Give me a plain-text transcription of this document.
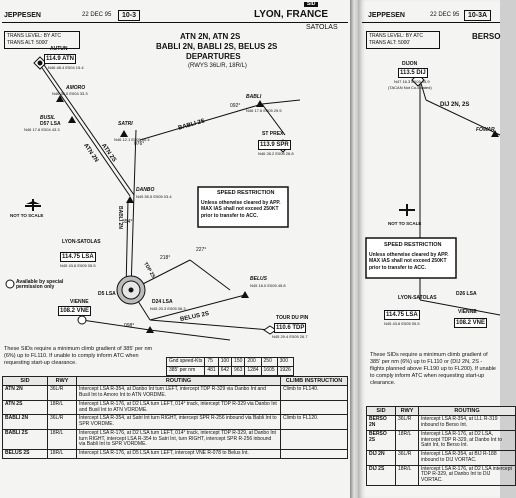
JEPPESEN	22 DEC 95	10-3	LYON, FRANCE
SID
SATOLAS
TRANS LEVEL: BY ATC
TRANS ALT: 5000'
ATN 2N, ATN 2S
BABLI 2N, BABLI 2S, BELUS 2S
DEPARTURES
(RWYS 36L/R, 18R/L)
AUTUN
114.9 ATN
N46 48.4 E004 15.4
AMORO
N46 30.0 E004 33.3
BUSIL
D57 LSA
N46 17.6 E004 43.3
SATRI
N46 12.1 E005 00.4
BABLI
N46 17.6 E005 29.5
ST PREX
113.9 SPR
N46 28.2 E006 26.8
DANBO
N45 55.5 E005 03.4
LYON-SATOLAS
114.75 LSA
N45 43.6 E005 05.5
VIENNE
108.2 VNE
D5 LSA
D24 LSA
N45 20.3 E005 06.3
BELUS
N45 18.0 E005 45.8
TOUR DU PIN
110.6 TDP
N45 29.4 E005 26.7
ATN 2N ATN 2S
BABLI 2S
BELUS 2S
BABLI 2N
TDP 2S
354°
076°
092°
098°
218°
227°
NOT TO SCALE
Available by special permission only
SPEED RESTRICTION
Unless otherwise cleared by APP. MAX IAS shall not exceed 250KT prior to transfer to ACC.
These SIDs require a minimum climb gradient of 385' per nm (6%) up to FL110. If unable to comply inform ATC when requesting start-up clearance.	Gnd speed-Kts	75	100	150	200	250	300
385' per nm	481	642	963	1284	1605	1926
SID	RWY	ROUTING	CLIMB INSTRUCTION
ATN 2N	36L/R	Intercept LSA R-354, at Danbo Int turn LEFT, intercept TDP R-329 via Danbo Int and Busil Int to Amoro Int to ATN VORDME.	Climb to FL140.
ATN 2S	18R/L	Intercept LSA R-176, at D2 LSA turn LEFT, 014° track, intercept TDP R-329 via Danbo Int and Busil Int to ATN VORDME.	
BABLI 2N	36L/R	Intercept LSA R-354, at Satri Int turn RIGHT, intercept SPR R-256 inbound via Babli Int to SPR VORDME.	Climb to FL120.
BABLI 2S	18R/L	Intercept LSA R-176, at D2 LSA turn LEFT, 014° track, intercept TDP R-329, at Danbo Int turn RIGHT, intercept LSA R-354 to Satri Int, turn RIGHT, intercept SPR R-256 inbound via Babli Int to SPR VORDME.	
BELUS 2S	18R/L	Intercept LSA R-176, at D5 LSA turn LEFT, intercept VNE R-078 to Belus Int.	
JEPPESEN	22 DEC 95	10-3A
TRANS LEVEL: BY ATC
TRANS ALT: 5000'
BERSO
DIJON
113.5 DIJ
N47 16.3 E005 05.9
(TACAN Not Co-located)
DIJ 2N, 2S
FOWAR
NOT TO SCALE
SPEED RESTRICTION
Unless otherwise cleared by APP. MAX IAS shall not exceed 250KT prior to transfer to ACC.
LYON-SATOLAS
114.75 LSA
N45 43.6 E005 05.5
D26 LSA
VIENNE
108.2 VNE
These SIDs require a minimum climb gradient of 385' per nm (6%) up to FL110 or (DIJ 2N, 2S - flights planned above FL190 up to FL200). If unable to comply inform ATC when requesting start-up clearance.
SID	RWY	ROUTING
BERSO 2N	36L/R	Intercept LSA R-354, at LLL R-319 inbound to Berso Int.
BERSO 2S	18R/L	Intercept LSA R-176, at D2 LSA, intercept TDP R-329, at Danbo Int to Satri Int, to Berso Int.
DIJ 2N	36L/R	Intercept LSA R-354, at BIJ R-188 inbound to DIJ VORTAC.
DIJ 2S	18R/L	Intercept LSA R-176, at D2 LSA intercept TDP R-329, at Danbo Int to DIJ VORTAC.
